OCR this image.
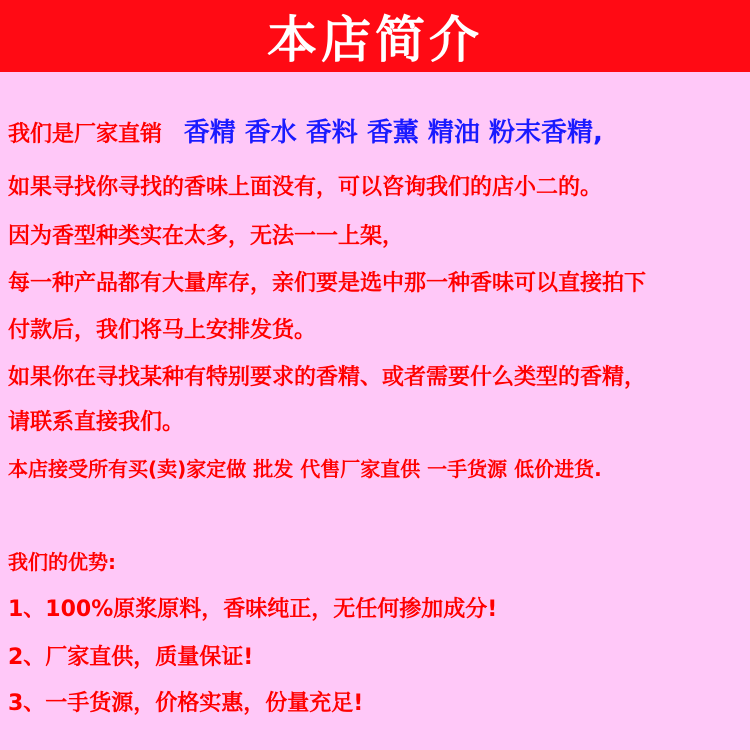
本店简介
我们是厂家直销 香精 香水 香料 香薰 精油 粉末香精,
如果寻找你寻找的香味上面没有，可以咨询我们的店小二的。
因为香型种类实在太多，无法一一上架，
每一种产品都有大量库存，亲们要是选中那一种香味可以直接拍下
付款后，我们将马上安排发货。
如果你在寻找某种有特别要求的香精、或者需要什么类型的香精，
请联系直接我们。
本店接受所有买(卖)家定做 批发 代售厂家直供 一手货源 低价进货.
我们的优势:
1、100%原浆原料，香味纯正，无任何掺加成分!
2、厂家直供，质量保证!
3、一手货源，价格实惠，份量充足!
